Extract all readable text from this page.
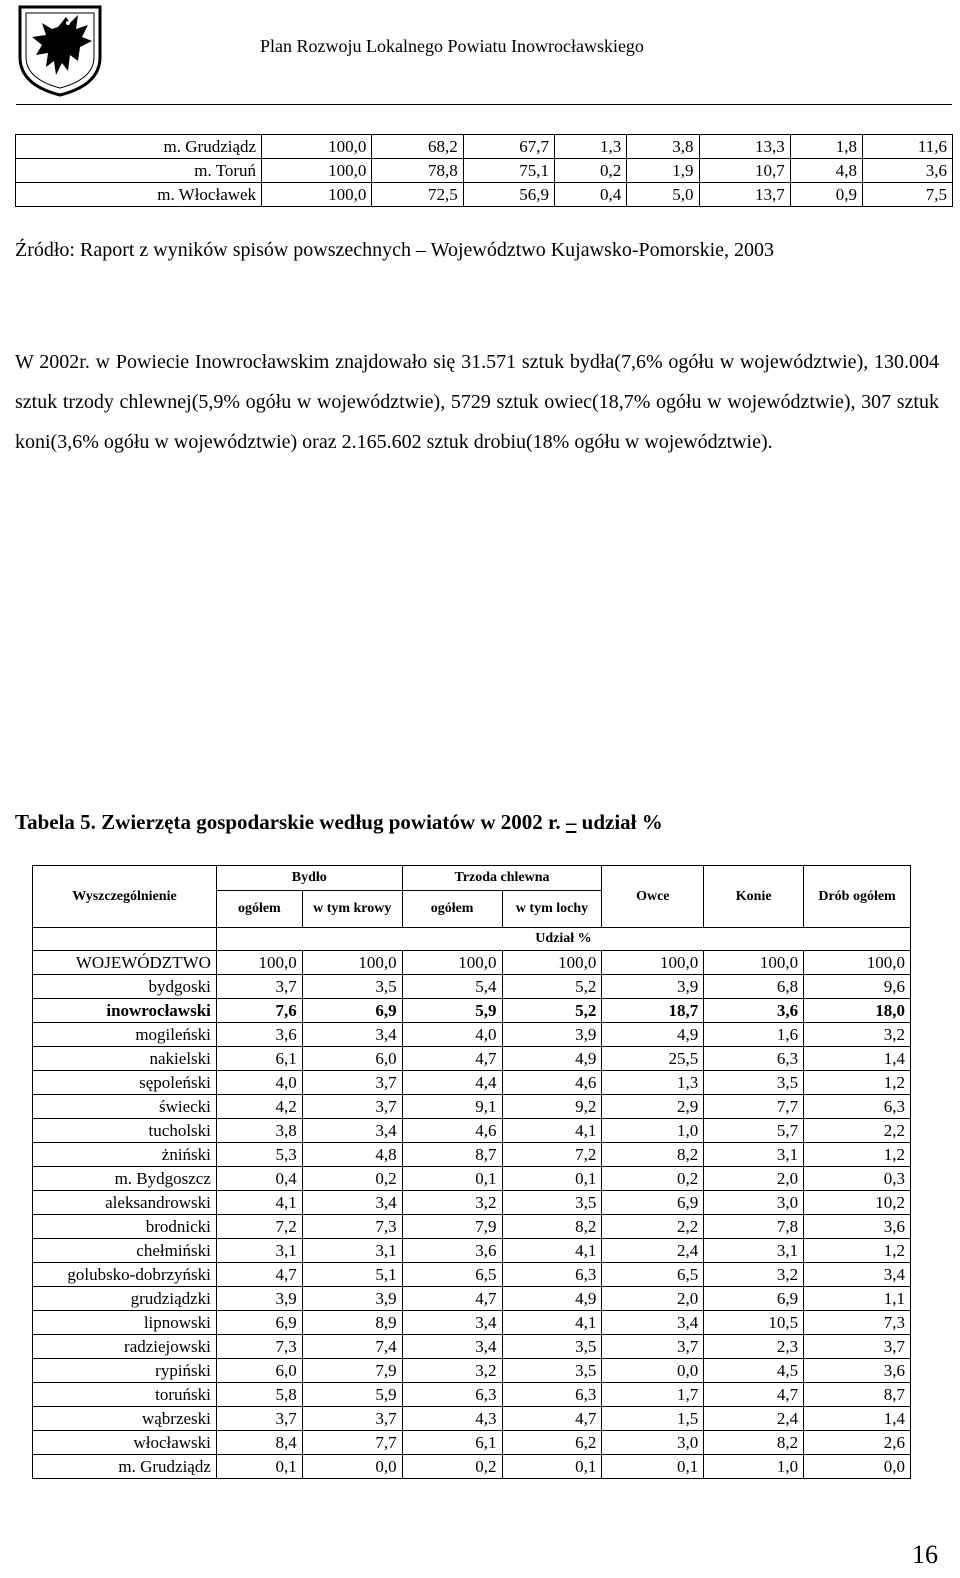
Plan Rozwoju Lokalnego Powiatu Inowrocławskiego
m. Grudziądz	100,0	68,2	67,7	1,3	3,8	13,3	1,8	11,6
m. Toruń	100,0	78,8	75,1	0,2	1,9	10,7	4,8	3,6
m. Włocławek	100,0	72,5	56,9	0,4	5,0	13,7	0,9	7,5
Źródło: Raport z wyników spisów powszechnych – Województwo Kujawsko-Pomorskie, 2003
W 2002r. w Powiecie Inowrocławskim znajdowało się 31.571 sztuk bydła(7,6% ogółu w województwie), 130.004 sztuk trzody chlewnej(5,9% ogółu w województwie), 5729 sztuk owiec(18,7% ogółu w województwie), 307 sztuk koni(3,6% ogółu w województwie) oraz 2.165.602 sztuk drobiu(18% ogółu w województwie).
Tabela 5. Zwierzęta gospodarskie według powiatów w 2002 r. – udział %
Wyszczególnienie	Bydło		Trzoda chlewna		Owce	Konie	Drób ogółem
	ogółem	w tym krowy	ogółem	w tym lochy			
	Udział %						
WOJEWÓDZTWO	100,0	100,0	100,0	100,0	100,0	100,0	100,0
bydgoski	3,7	3,5	5,4	5,2	3,9	6,8	9,6
inowrocławski	7,6	6,9	5,9	5,2	18,7	3,6	18,0
mogileński	3,6	3,4	4,0	3,9	4,9	1,6	3,2
nakielski	6,1	6,0	4,7	4,9	25,5	6,3	1,4
sępoleński	4,0	3,7	4,4	4,6	1,3	3,5	1,2
świecki	4,2	3,7	9,1	9,2	2,9	7,7	6,3
tucholski	3,8	3,4	4,6	4,1	1,0	5,7	2,2
żniński	5,3	4,8	8,7	7,2	8,2	3,1	1,2
m. Bydgoszcz	0,4	0,2	0,1	0,1	0,2	2,0	0,3
aleksandrowski	4,1	3,4	3,2	3,5	6,9	3,0	10,2
brodnicki	7,2	7,3	7,9	8,2	2,2	7,8	3,6
chełmiński	3,1	3,1	3,6	4,1	2,4	3,1	1,2
golubsko-dobrzyński	4,7	5,1	6,5	6,3	6,5	3,2	3,4
grudziądzki	3,9	3,9	4,7	4,9	2,0	6,9	1,1
lipnowski	6,9	8,9	3,4	4,1	3,4	10,5	7,3
radziejowski	7,3	7,4	3,4	3,5	3,7	2,3	3,7
rypiński	6,0	7,9	3,2	3,5	0,0	4,5	3,6
toruński	5,8	5,9	6,3	6,3	1,7	4,7	8,7
wąbrzeski	3,7	3,7	4,3	4,7	1,5	2,4	1,4
włocławski	8,4	7,7	6,1	6,2	3,0	8,2	2,6
m. Grudziądz	0,1	0,0	0,2	0,1	0,1	1,0	0,0
16
